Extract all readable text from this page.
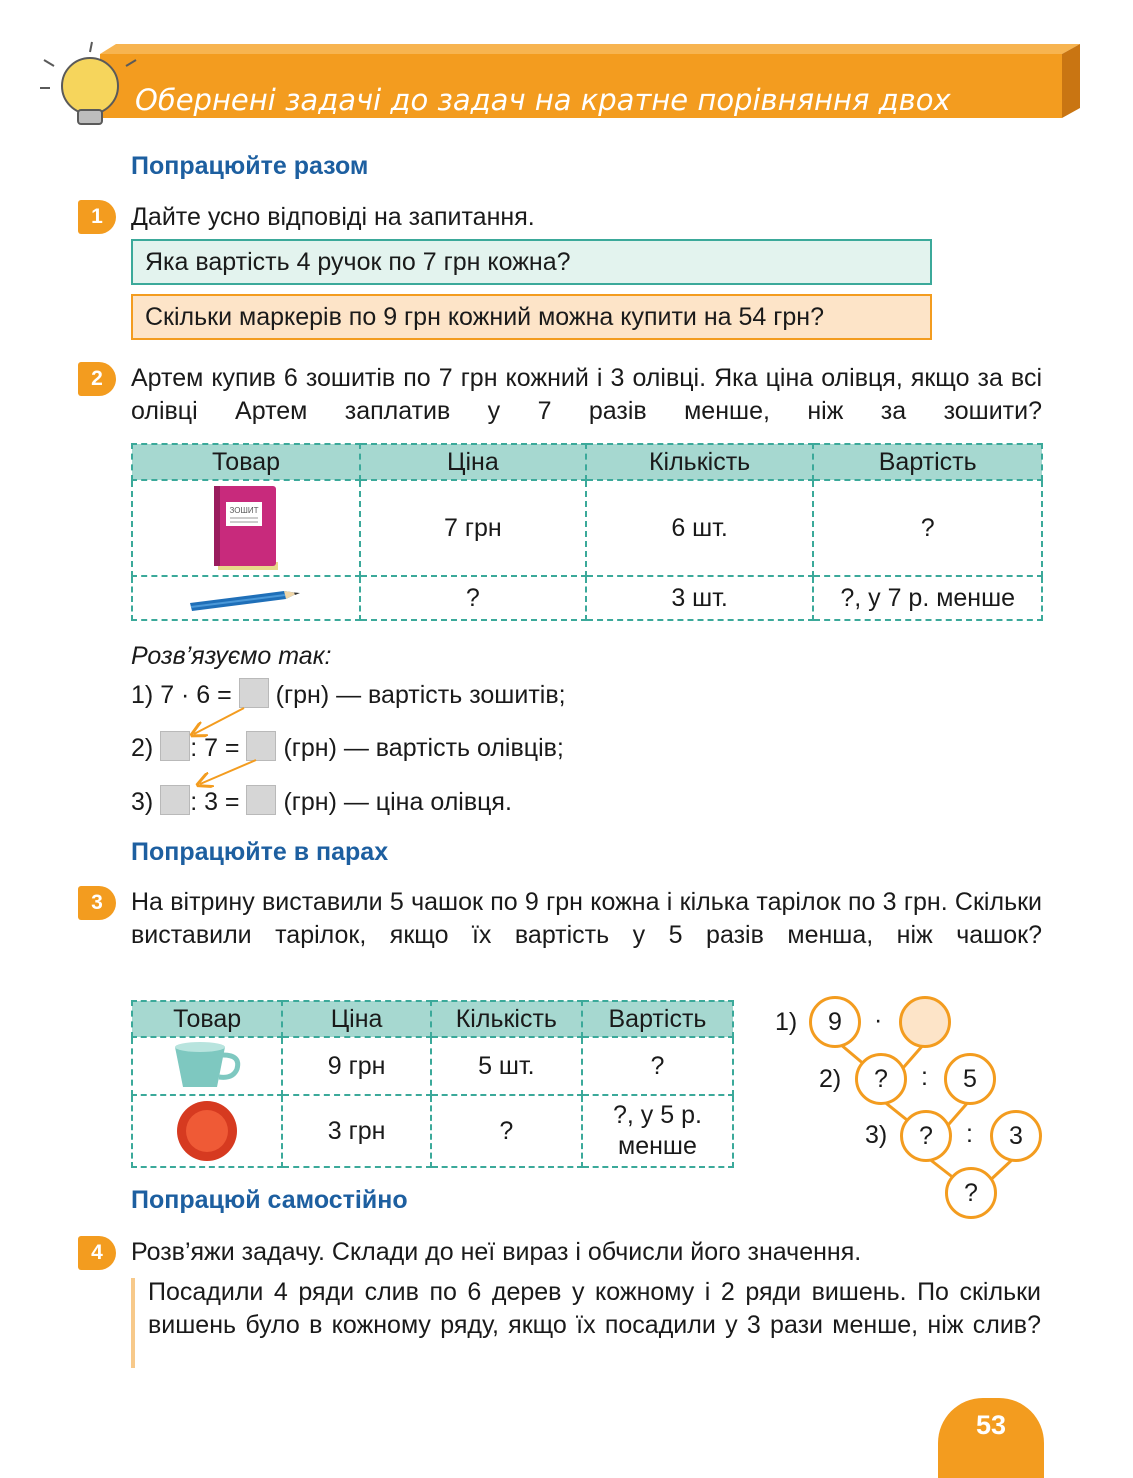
Обернені задачі до задач на кратне порівняння двох добутків
Попрацюйте разом
1	Дайте усно відповіді на запитання.
Яка вартість 4 ручок по 7 грн кожна?
Скільки маркерів по 9 грн кожний можна купити на 54 грн?
2	Артем купив 6 зошитів по 7 грн кожний і 3 олівці. Яка ціна олівця, якщо за всі олівці Артем заплатив у 7 разів менше, ніж за зошити?
Товар	Ціна	Кількість	Вартість

ЗОШИТ	7 грн	6 шт.	?
	?	3 шт.	?, у 7 р. менше
Розв’язуємо так:
1) 7 · 6 = (грн) — вартість зошитів;
2) : 7 = (грн) — вартість олівців;
3) : 3 = (грн) — ціна олівця.
Попрацюйте в парах
3	На вітрину виставили 5 чашок по 9 грн кожна і кілька тарілок по 3 грн. Скільки виставили тарілок, якщо їх вартість у 5 разів менша, ніж чашок?
Товар	Ціна	Кількість	Вартість
	9 грн	5 шт.	?
	3 грн	?	?, у 5 р.
менше
1)
2)
3)
9	·
?	:	5
?	:	3
?
Попрацюй самостійно
4	Розв’яжи задачу. Склади до неї вираз і обчисли його значення.
Посадили 4 ряди слив по 6 дерев у кожному і 2 ряди вишень. По скільки вишень було в кожному ряду, якщо їх посадили у 3 рази менше, ніж слив?
53
